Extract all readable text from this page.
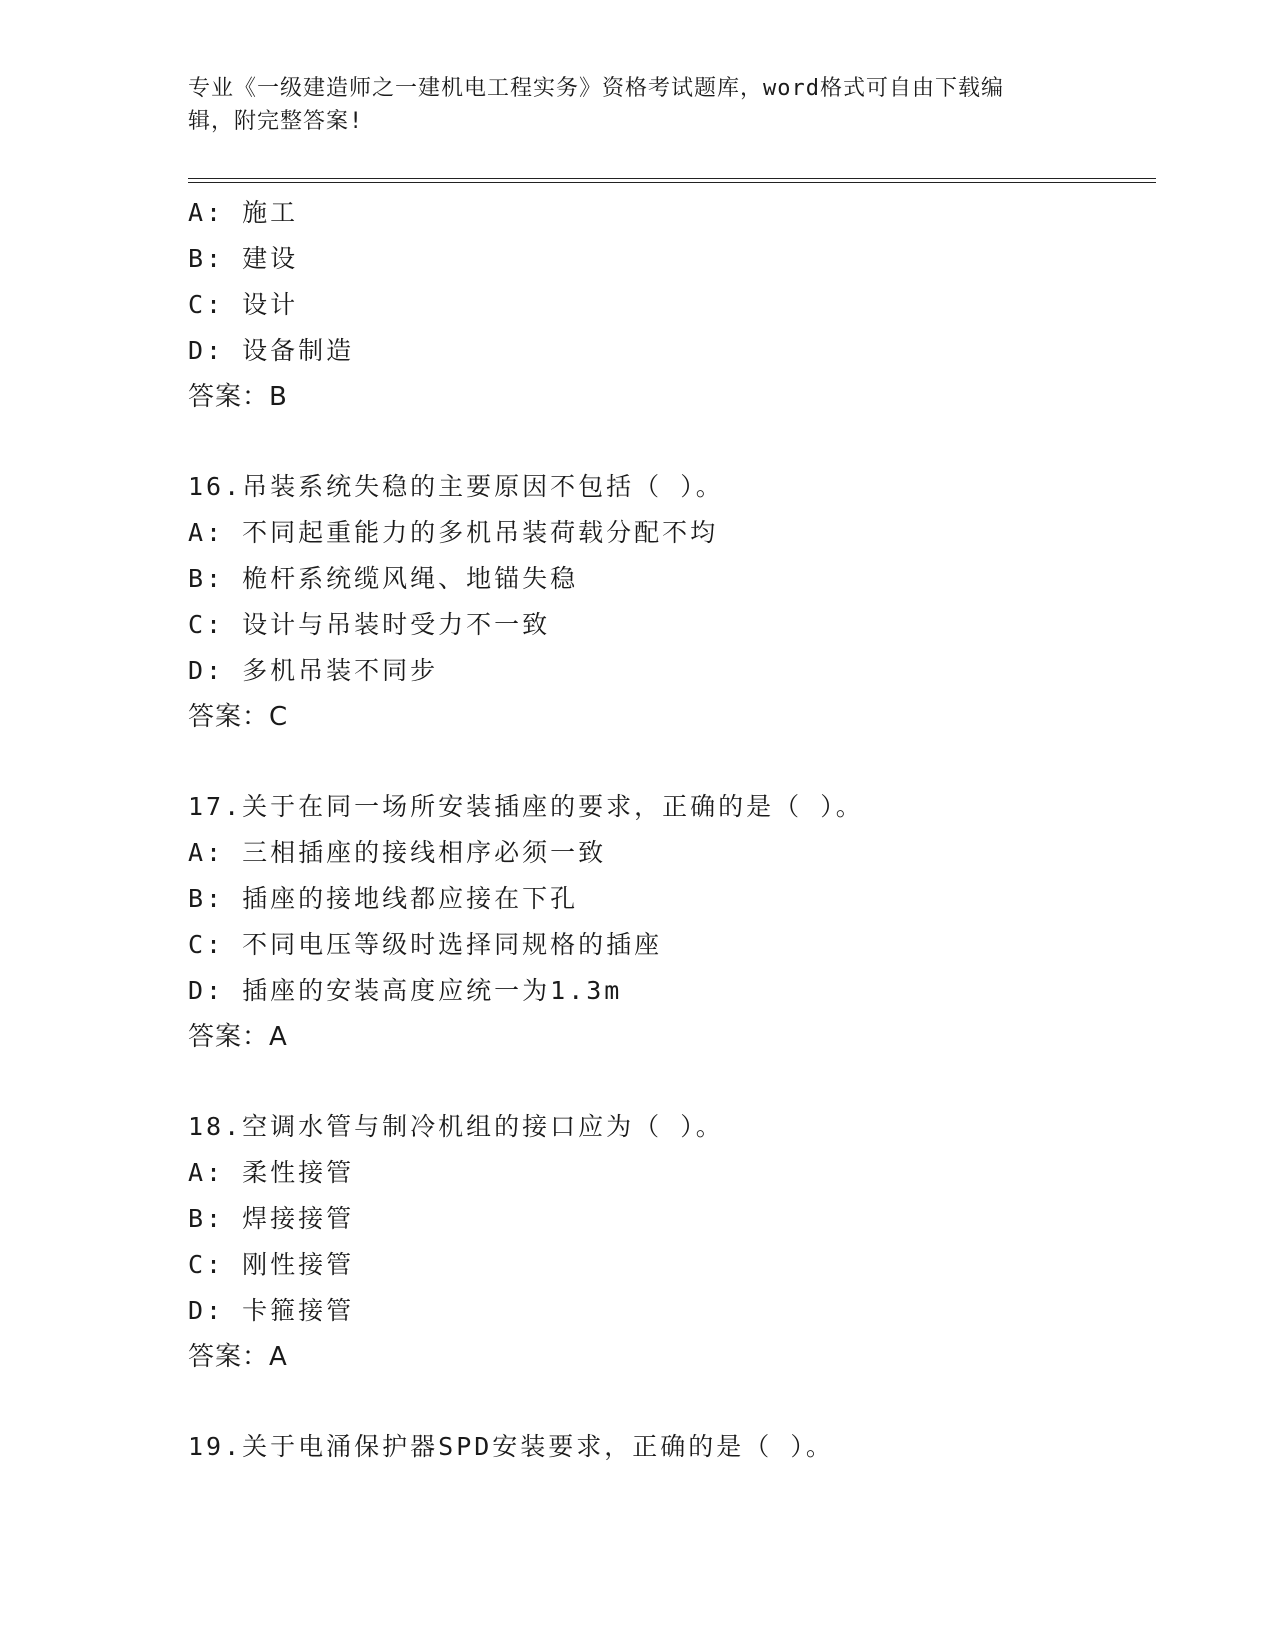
专业《一级建造师之一建机电工程实务》资格考试题库，word格式可自由下载编
辑，附完整答案!
A: 施工
B: 建设
C: 设计
D: 设备制造
答案：B
16.吊装系统失稳的主要原因不包括（ ）。
A: 不同起重能力的多机吊装荷载分配不均
B: 桅杆系统缆风绳、地锚失稳
C: 设计与吊装时受力不一致
D: 多机吊装不同步
答案：C
17.关于在同一场所安装插座的要求，正确的是（ ）。
A: 三相插座的接线相序必须一致
B: 插座的接地线都应接在下孔
C: 不同电压等级时选择同规格的插座
D: 插座的安装高度应统一为1.3m
答案：A
18.空调水管与制冷机组的接口应为（ ）。
A: 柔性接管
B: 焊接接管
C: 刚性接管
D: 卡箍接管
答案：A
19.关于电涌保护器SPD安装要求，正确的是（ ）。
